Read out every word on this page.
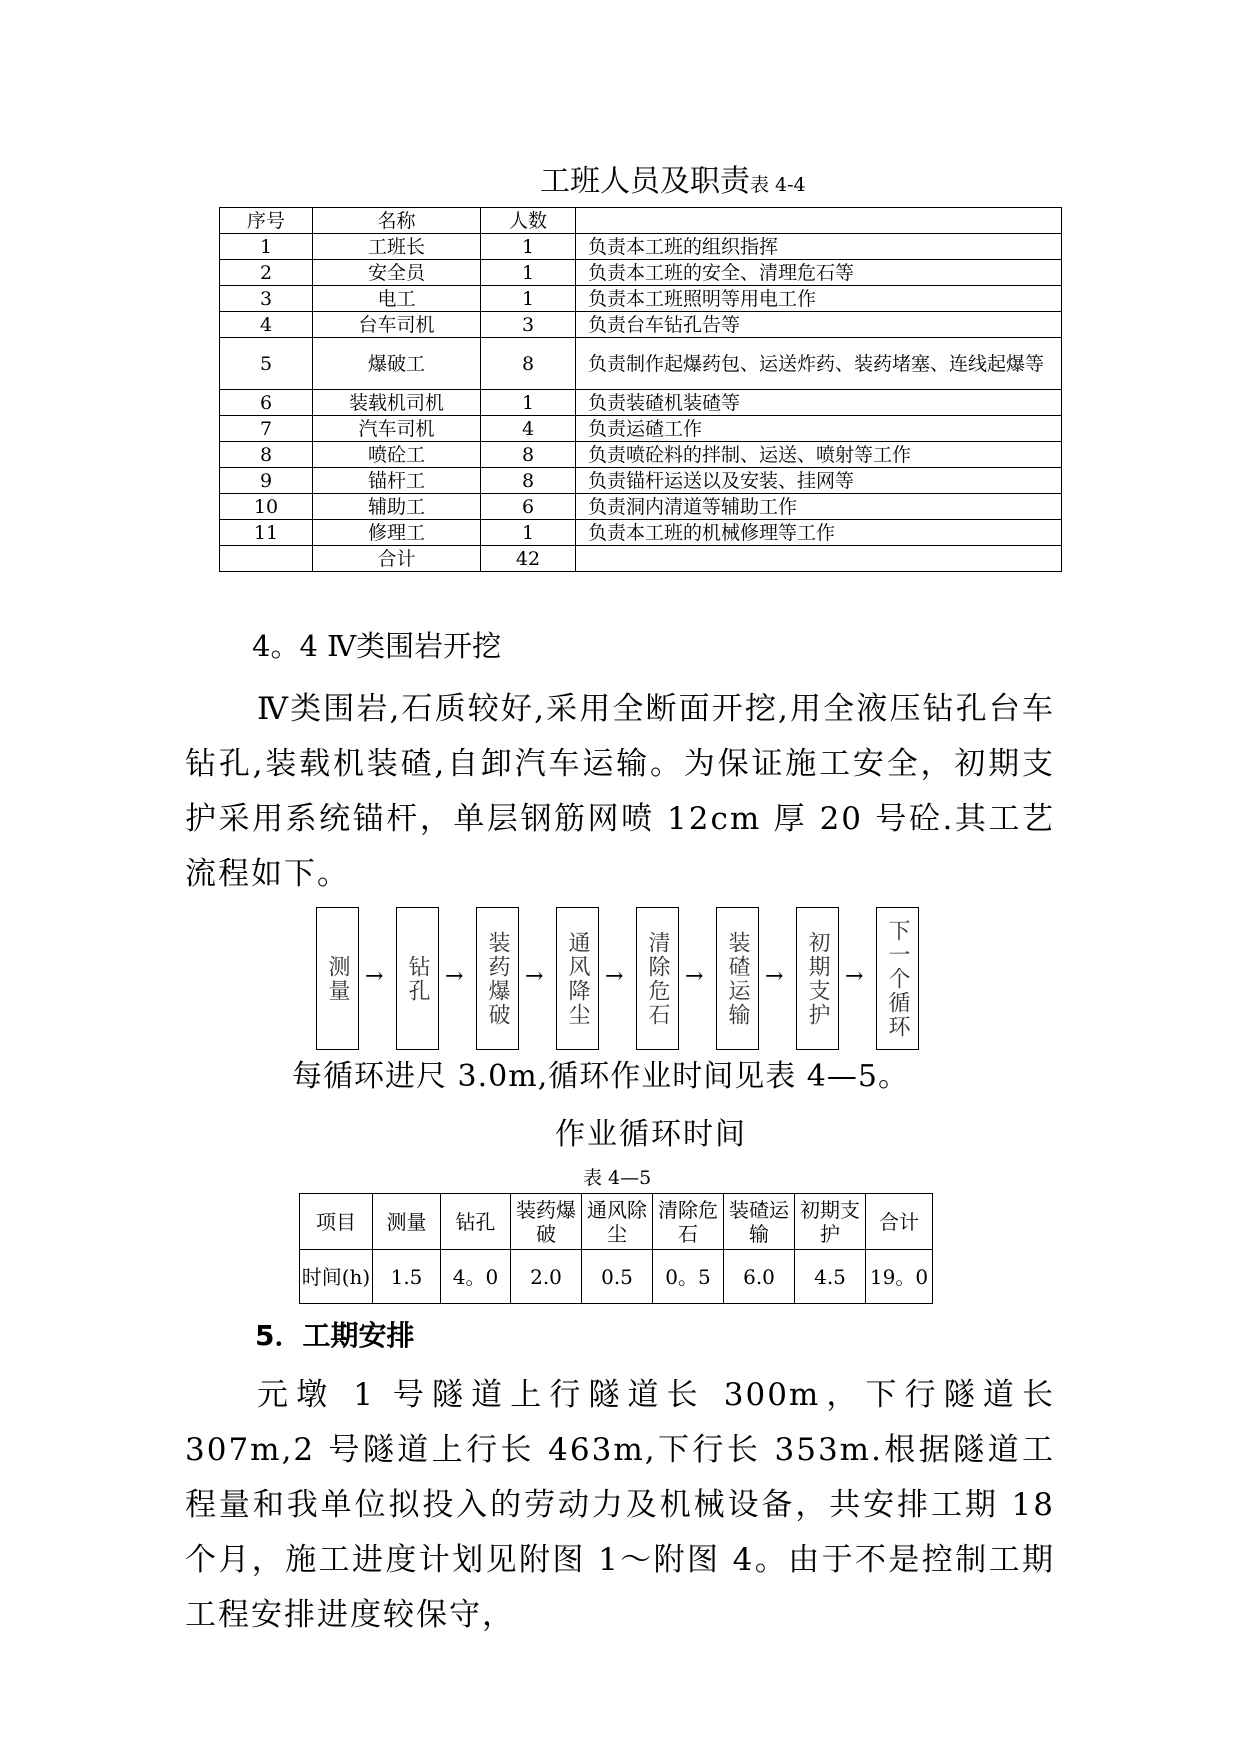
工班人员及职责表 4-4
序号	名称	人数	
1	工班长	1	负责本工班的组织指挥
2	安全员	1	负责本工班的安全、清理危石等
3	电工	1	负责本工班照明等用电工作
4	台车司机	3	负责台车钻孔告等
5	爆破工	8	负责制作起爆药包、运送炸药、装药堵塞、连线起爆等
6	装载机司机	1	负责装碴机装碴等
7	汽车司机	4	负责运碴工作
8	喷砼工	8	负责喷砼料的拌制、运送、喷射等工作
9	锚杆工	8	负责锚杆运送以及安装、挂网等
10	辅助工	6	负责洞内清道等辅助工作
11	修理工	1	负责本工班的机械修理等工作
	合计	42	
4。4 Ⅳ类围岩开挖
Ⅳ类围岩,石质较好,采用全断面开挖,用全液压钻孔台车钻孔,装载机装碴,自卸汽车运输。为保证施工安全，初期支护采用系统锚杆，单层钢筋网喷 12cm 厚 20 号砼.其工艺流程如下。
测量 → 钻孔 → 装药爆破 → 通风降尘 → 清除危石 → 装碴运输 → 初期支护 → 下一个循环
每循环进尺 3.0m,循环作业时间见表 4—5。
作业循环时间
表 4—5
项目	测量	钻孔	装药爆破	通风除尘	清除危石	装碴运输	初期支护	合计
时间(h)	1.5	4。0	2.0	0.5	0。5	6.0	4.5	19。0
5．工期安排
元墩 1 号隧道上行隧道长 300m，下行隧道长 307m,2 号隧道上行长 463m,下行长 353m.根据隧道工程量和我单位拟投入的劳动力及机械设备，共安排工期 18 个月，施工进度计划见附图 1～附图 4。由于不是控制工期工程安排进度较保守，
